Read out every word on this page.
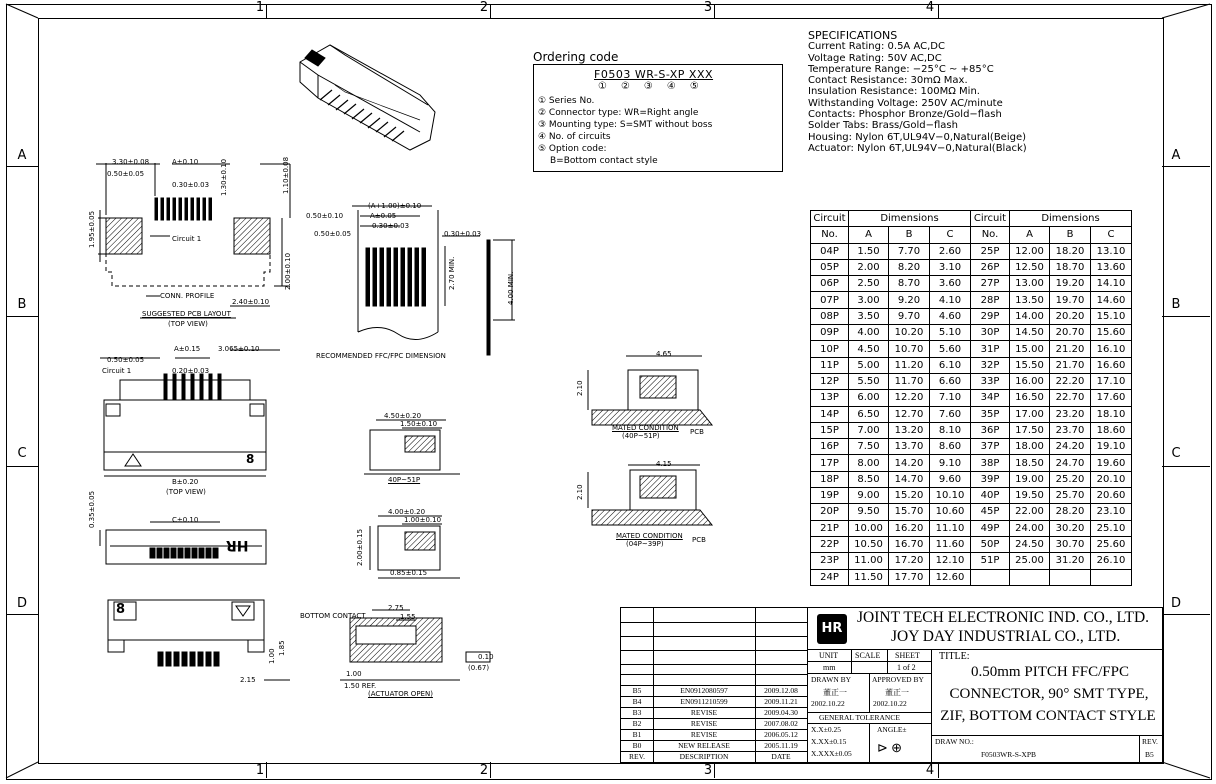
1	2	3	4
1	2	3	4
A
B
C
D
A
B
C
D
3.30±0.08	A±0.10
0.50±0.05
0.30±0.03 1.30±0.10	1.10±0.08
1.95±0.05	Circuit 1
2.00±0.10
CONN. PROFILE
2.40±0.10
SUGGESTED PCB LAYOUT
(TOP VIEW)
(A+1.00)±0.10
A±0.05
0.50±0.10
0.30±0.03
0.50±0.05	0.30±0.03
2.70 MIN.	4.00 MIN.
RECOMMENDED FFC/FPC DIMENSION
A±0.15	3.065±0.10
0.50±0.05
Circuit 1	0.20±0.03
B±0.20
(TOP VIEW)
8
C±0.10
0.35±0.05
HR
8
1.85
1.00
2.15
4.50±0.20
1.50±0.10
40P~51P
4.00±0.20
1.00±0.10
2.00±0.15
0.85±0.15
BOTTOM CONTACT
2.75
1.55
0.10
(0.67)
1.00
1.50 REF.
(ACTUATOR OPEN)
4.65
2.10
MATED CONDITION
(40P~51P)	PCB
4.15
2.10
MATED CONDITION
(04P~39P)	PCB
Ordering code
F0503 WR-S-XP XXX
①②③④⑤
① Series No.
② Connector type: WR=Right angle
③ Mounting type: S=SMT without boss
④ No. of circuits
⑤ Option code:
B=Bottom contact style
SPECIFICATIONS
Current Rating: 0.5A AC,DC
Voltage Rating: 50V AC,DC
Temperature Range: −25°C ~ +85°C
Contact Resistance: 30mΩ Max.
Insulation Resistance: 100MΩ Min.
Withstanding Voltage: 250V AC/minute
Contacts: Phosphor Bronze/Gold−flash
Solder Tabs: Brass/Gold−flash
Housing: Nylon 6T,UL94V−0,Natural(Beige)
Actuator: Nylon 6T,UL94V−0,Natural(Black)
Circuit	Dimensions			Circuit	Dimensions		
No.	A	B	C	No.	A	B	C
04P	1.50	7.70	2.60	25P	12.00	18.20	13.10
05P	2.00	8.20	3.10	26P	12.50	18.70	13.60
06P	2.50	8.70	3.60	27P	13.00	19.20	14.10
07P	3.00	9.20	4.10	28P	13.50	19.70	14.60
08P	3.50	9.70	4.60	29P	14.00	20.20	15.10
09P	4.00	10.20	5.10	30P	14.50	20.70	15.60
10P	4.50	10.70	5.60	31P	15.00	21.20	16.10
11P	5.00	11.20	6.10	32P	15.50	21.70	16.60
12P	5.50	11.70	6.60	33P	16.00	22.20	17.10
13P	6.00	12.20	7.10	34P	16.50	22.70	17.60
14P	6.50	12.70	7.60	35P	17.00	23.20	18.10
15P	7.00	13.20	8.10	36P	17.50	23.70	18.60
16P	7.50	13.70	8.60	37P	18.00	24.20	19.10
17P	8.00	14.20	9.10	38P	18.50	24.70	19.60
18P	8.50	14.70	9.60	39P	19.00	25.20	20.10
19P	9.00	15.20	10.10	40P	19.50	25.70	20.60
20P	9.50	15.70	10.60	45P	22.00	28.20	23.10
21P	10.00	16.20	11.10	49P	24.00	30.20	25.10
22P	10.50	16.70	11.60	50P	24.50	30.70	25.60
23P	11.00	17.20	12.10	51P	25.00	31.20	26.10
24P	11.50	17.70	12.60				
HR
JOINT TECH ELECTRONIC IND. CO., LTD.
JOY DAY INDUSTRIAL CO., LTD.
UNIT
mm
SCALE SHEET
1 of 2
TITLE:
0.50mm PITCH FFC/FPC
CONNECTOR, 90° SMT TYPE,
ZIF, BOTTOM CONTACT STYLE
DRAWN BY
董正一
2002.10.22
APPROVED BY
董正一
2002.10.22
GENERAL TOLERANCE
X.X±0.25
X.XX±0.15
X.XXX±0.05
ANGLE±
⊳ ⊕	DRAW NO.:
F0503WR-S-XPB
REV.
B5
B5	EN0912080597	2009.12.08
B4	EN0911210599	2009.11.21
B3	REVISE	2009.04.30
B2	REVISE	2007.08.02
B1	REVISE	2006.05.12
B0	NEW RELEASE	2005.11.19
REV.	DESCRIPTION	DATE
